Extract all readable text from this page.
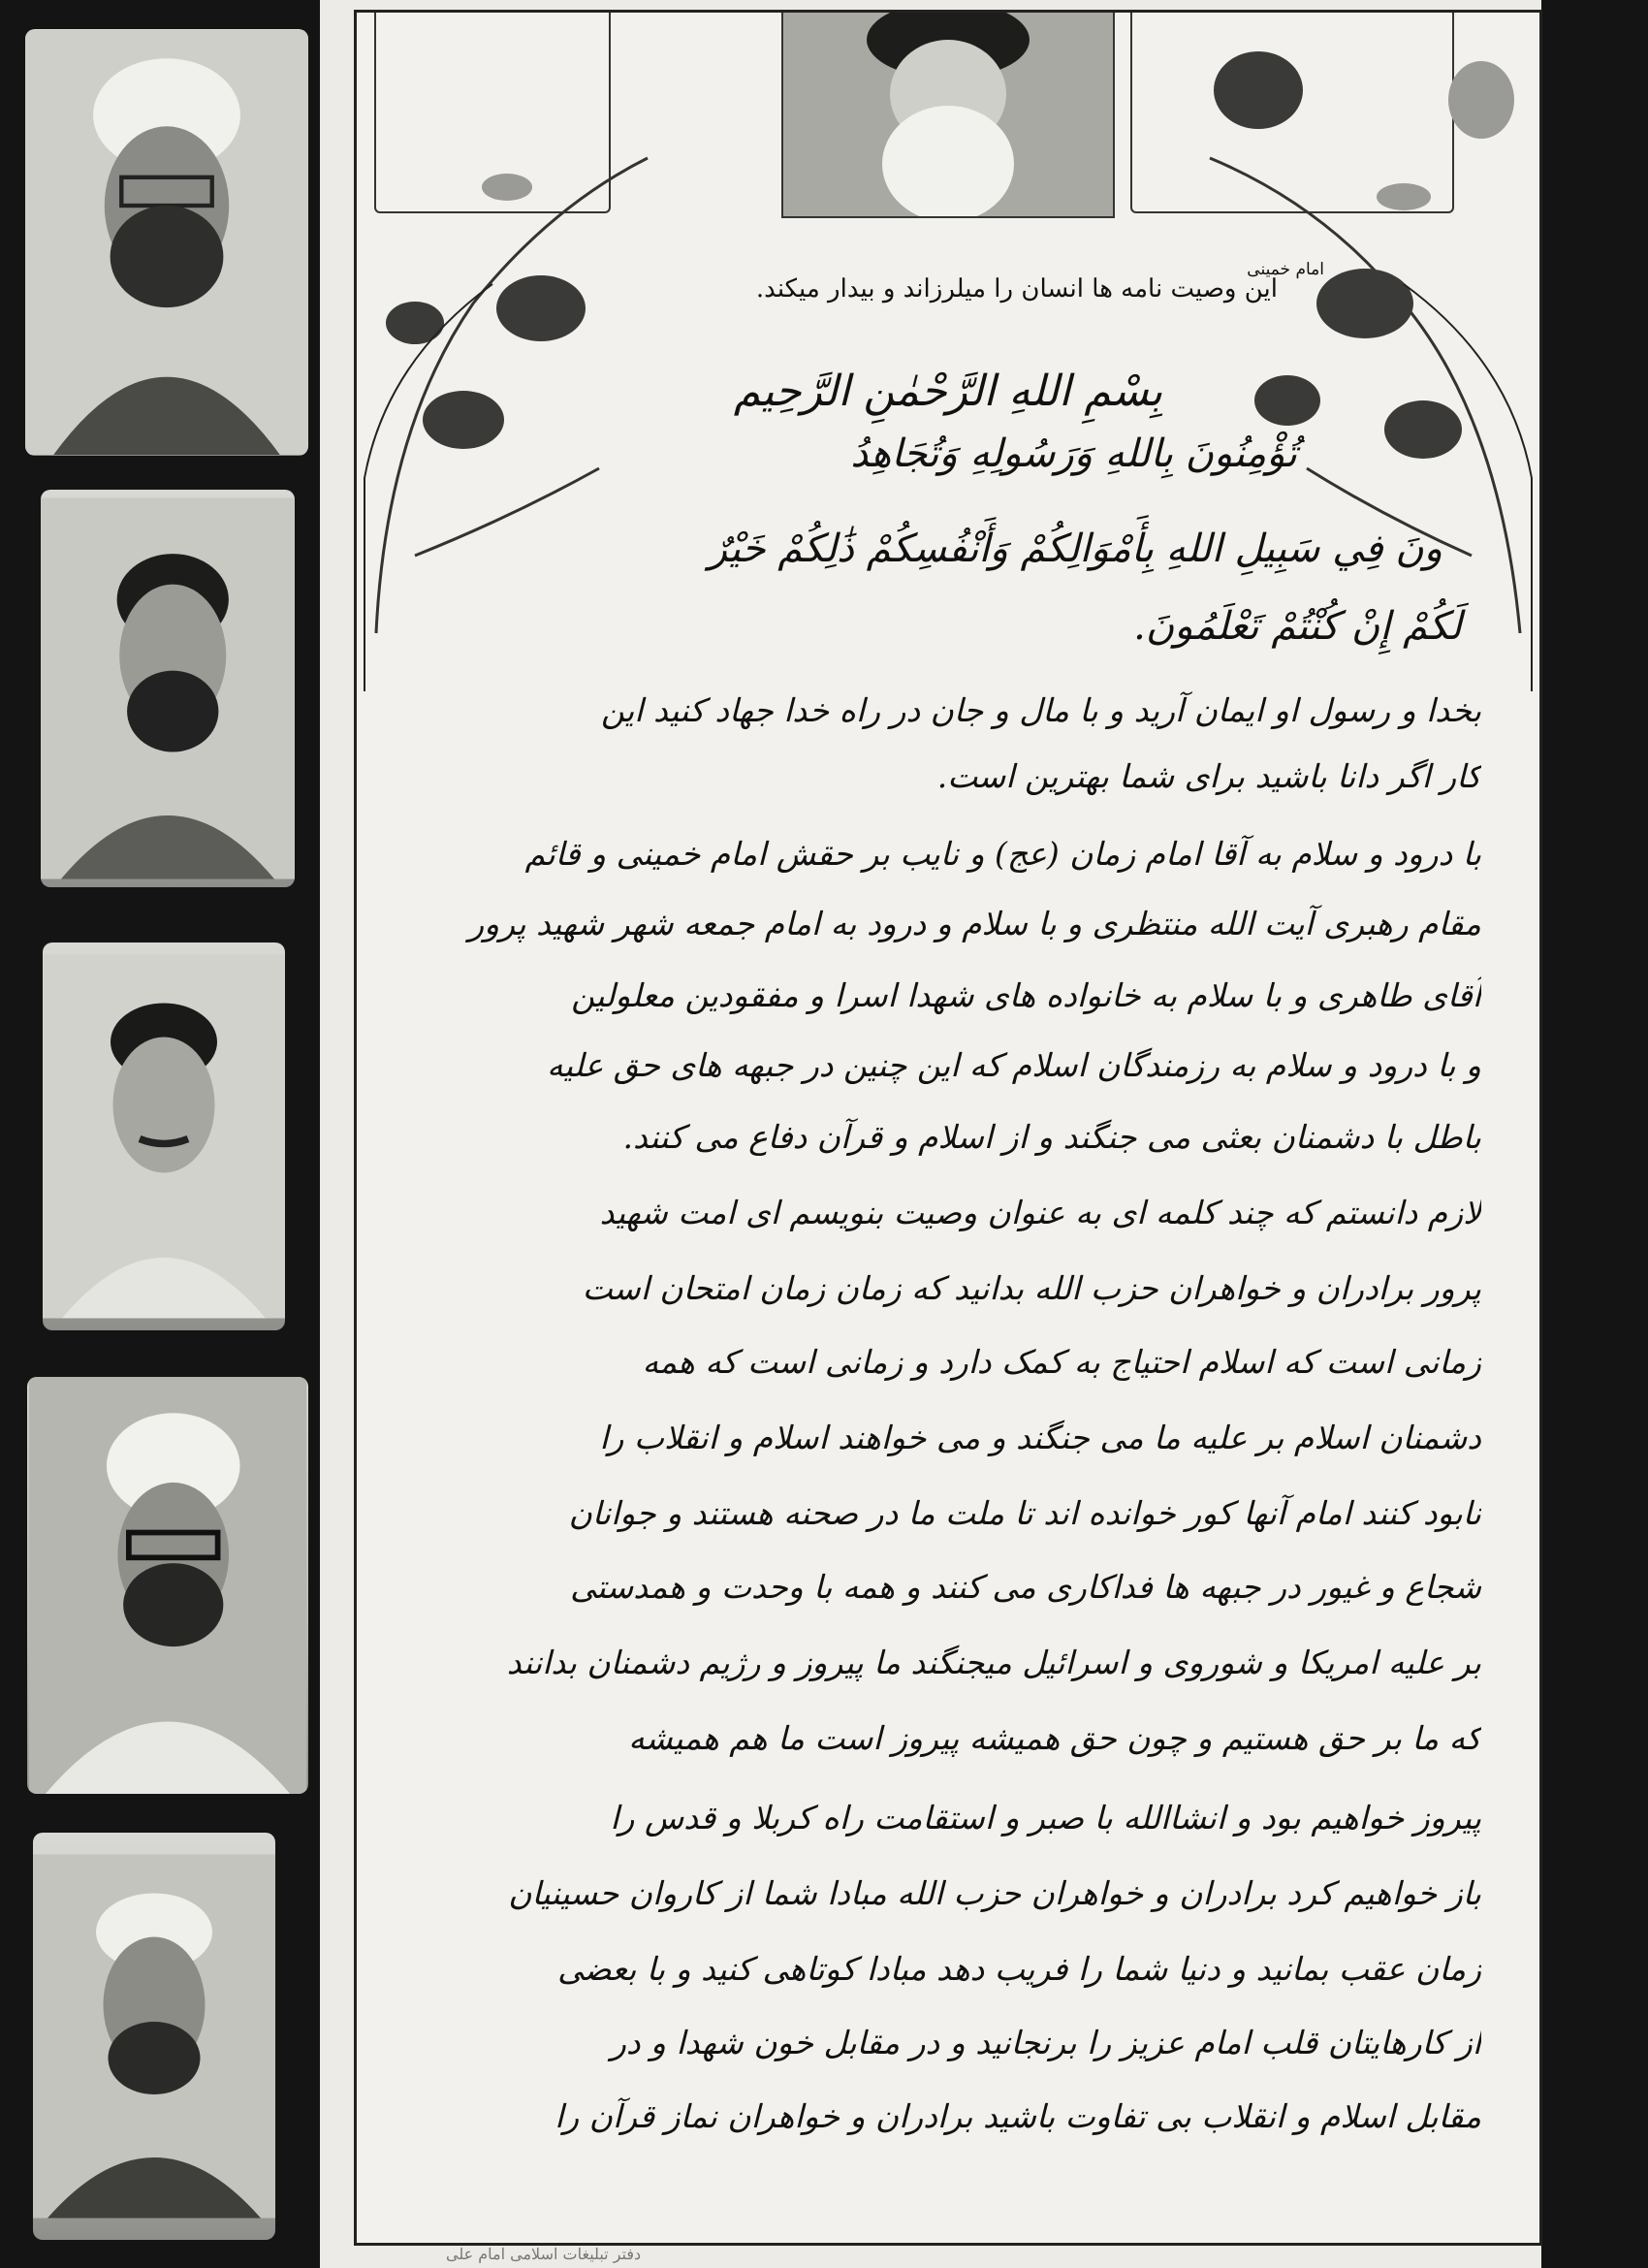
امام خمینی
این وصیت نامه ها انسان را میلرزاند و بیدار میکند.
بِسْمِ اللهِ الرَّحْمٰنِ الرَّحِيم
تُؤْمِنُونَ بِاللهِ وَرَسُولِهِ وَتُجَاهِدُ
ونَ فِي سَبِيلِ اللهِ بِأَمْوَالِكُمْ وَأَنْفُسِكُمْ ذَٰلِكُمْ خَيْرٌ
لَكُمْ إِنْ كُنْتُمْ تَعْلَمُونَ.
بخدا و رسول او ایمان آرید و با مال و جان در راه خدا جهاد کنید این
کار اگر دانا باشید برای شما بهترین است.
با درود و سلام به آقا امام زمان (عج) و نایب بر حقش امام خمینی و قائم
مقام رهبری آیت الله منتظری و با سلام و درود به امام جمعه شهر شهید پرور
آقای طاهری و با سلام به خانواده های شهدا اسرا و مفقودین معلولین
و با درود و سلام به رزمندگان اسلام که این چنین در جبهه های حق علیه
باطل با دشمنان بعثی می جنگند و از اسلام و قرآن دفاع می کنند.
لازم دانستم که چند کلمه ای به عنوان وصیت بنویسم ای امت شهید
پرور برادران و خواهران حزب الله بدانید که زمان زمان امتحان است
زمانی است که اسلام احتیاج به کمک دارد و زمانی است که همه
دشمنان اسلام بر علیه ما می جنگند و می خواهند اسلام و انقلاب را
نابود کنند امام آنها کور خوانده اند تا ملت ما در صحنه هستند و جوانان
شجاع و غیور در جبهه ها فداکاری می کنند و همه با وحدت و همدستی
بر علیه امریکا و شوروی و اسرائیل میجنگند ما پیروز و رژیم دشمنان بدانند
که ما بر حق هستیم و چون حق همیشه پیروز است ما هم همیشه
پیروز خواهیم بود و انشاالله با صبر و استقامت راه کربلا و قدس را
باز خواهیم کرد برادران و خواهران حزب الله مبادا شما از کاروان حسینیان
زمان عقب بمانید و دنیا شما را فریب دهد مبادا کوتاهی کنید و با بعضی
از کارهایتان قلب امام عزیز را برنجانید و در مقابل خون شهدا و در
مقابل اسلام و انقلاب بی تفاوت باشید برادران و خواهران نماز قرآن را
دفتر تبلیغات اسلامی امام علی
